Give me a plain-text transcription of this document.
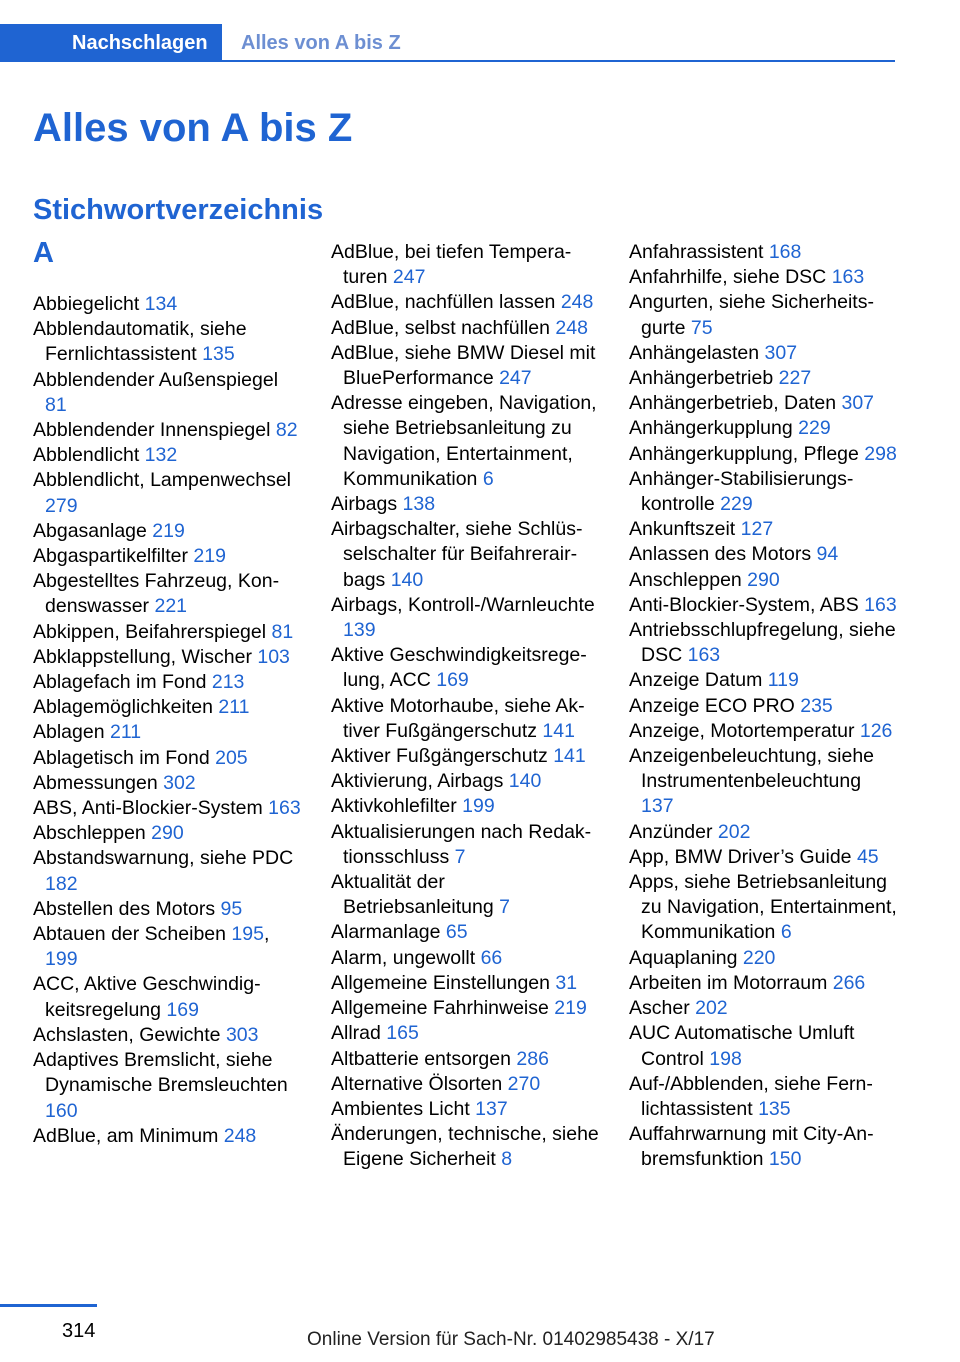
Nachschlagen	Alles von A bis Z
Alles von A bis Z
Stichwortverzeichnis
A
Abbiegelicht 134
Abblendautomatik, siehe Fernlichtassistent 135
Abblendender Außenspiegel 81
Abblendender Innenspiegel 82
Abblendlicht 132
Abblendlicht, Lampenwechsel 279
Abgasanlage 219
Abgaspartikelfilter 219
Abgestelltes Fahrzeug, Kondenswasser 221
Abkippen, Beifahrerspiegel 81
Abklappstellung, Wischer 103
Ablagefach im Fond 213
Ablagemöglichkeiten 211
Ablagen 211
Ablagetisch im Fond 205
Abmessungen 302
ABS, Anti-Blockier-System 163
Abschleppen 290
Abstandswarnung, siehe PDC 182
Abstellen des Motors 95
Abtauen der Scheiben 195, 199
ACC, Aktive Geschwindigkeitsregelung 169
Achslasten, Gewichte 303
Adaptives Bremslicht, siehe Dynamische Bremsleuchten 160
AdBlue, am Minimum 248
AdBlue, bei tiefen Temperaturen 247
AdBlue, nachfüllen lassen 248
AdBlue, selbst nachfüllen 248
AdBlue, siehe BMW Diesel mit BluePerformance 247
Adresse eingeben, Navigation, siehe Betriebsanleitung zu Navigation, Entertainment, Kommunikation 6
Airbags 138
Airbagschalter, siehe Schlüsselschalter für Beifahrerairbags 140
Airbags, Kontroll-/Warnleuchte 139
Aktive Geschwindigkeitsregelung, ACC 169
Aktive Motorhaube, siehe Aktiver Fußgängerschutz 141
Aktiver Fußgängerschutz 141
Aktivierung, Airbags 140
Aktivkohlefilter 199
Aktualisierungen nach Redaktionsschluss 7
Aktualität der Betriebsanleitung 7
Alarmanlage 65
Alarm, ungewollt 66
Allgemeine Einstellungen 31
Allgemeine Fahrhinweise 219
Allrad 165
Altbatterie entsorgen 286
Alternative Ölsorten 270
Ambientes Licht 137
Änderungen, technische, siehe Eigene Sicherheit 8
Anfahrassistent 168
Anfahrhilfe, siehe DSC 163
Angurten, siehe Sicherheitsgurte 75
Anhängelasten 307
Anhängerbetrieb 227
Anhängerbetrieb, Daten 307
Anhängerkupplung 229
Anhängerkupplung, Pflege 298
Anhänger-Stabilisierungskontrolle 229
Ankunftszeit 127
Anlassen des Motors 94
Anschleppen 290
Anti-Blockier-System, ABS 163
Antriebsschlupfregelung, siehe DSC 163
Anzeige Datum 119
Anzeige ECO PRO 235
Anzeige, Motortemperatur 126
Anzeigenbeleuchtung, siehe Instrumentenbeleuchtung 137
Anzünder 202
App, BMW Driver’s Guide 45
Apps, siehe Betriebsanleitung zu Navigation, Entertainment, Kommunikation 6
Aquaplaning 220
Arbeiten im Motorraum 266
Ascher 202
AUC Automatische Umluft Control 198
Auf-/Abblenden, siehe Fernlichtassistent 135
Auffahrwarnung mit City-Anbremsfunktion 150
314	Online Version für Sach-Nr. 01402985438 - X/17
